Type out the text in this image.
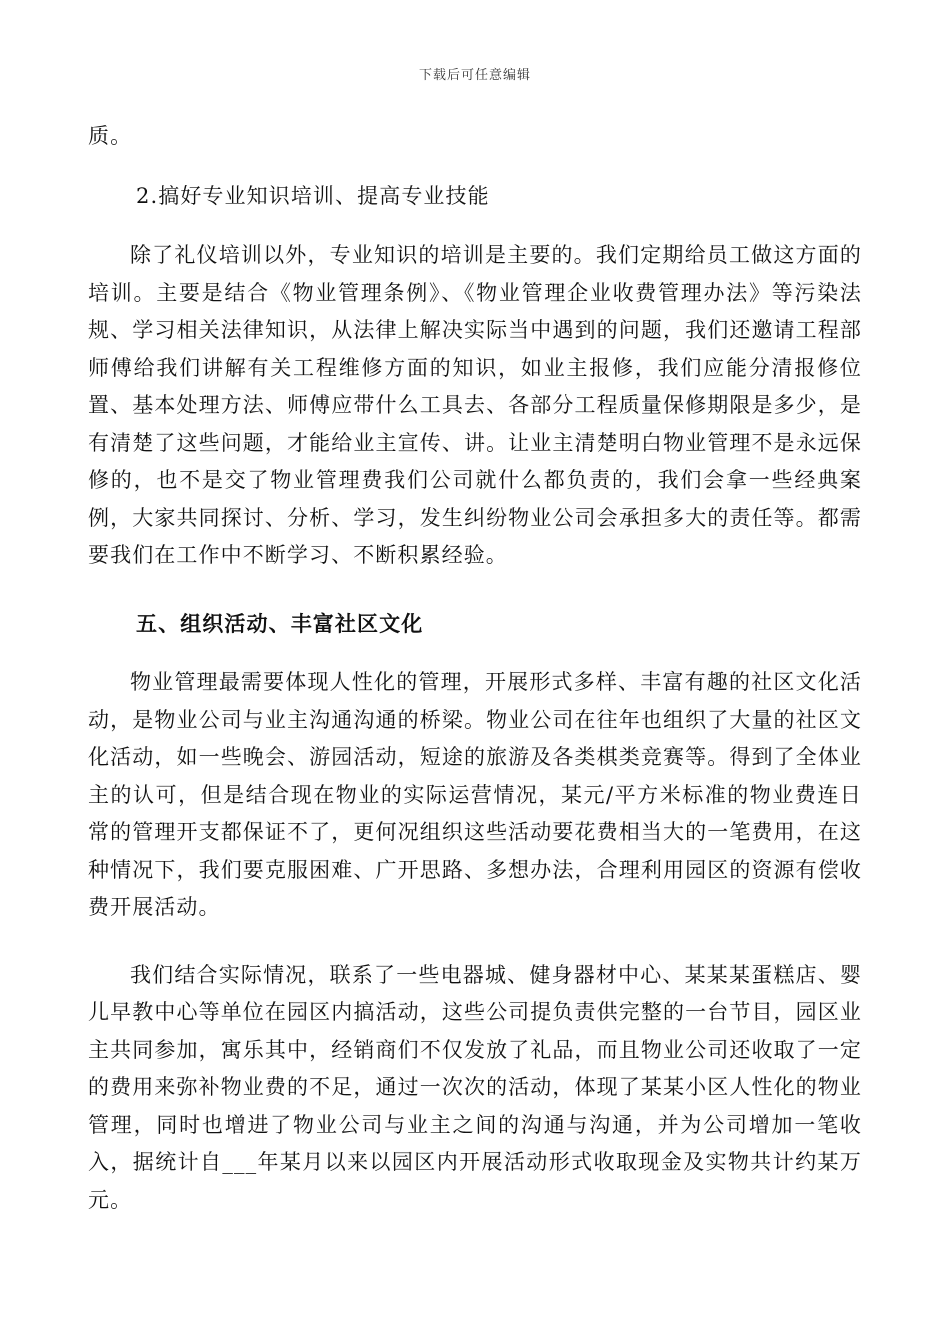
下载后可任意编辑

质。

2.搞好专业知识培训、提高专业技能

除了礼仪培训以外，专业知识的培训是主要的。我们定期给员工做这方面的培训。主要是结合《物业管理条例》、《物业管理企业收费管理办法》等污染法规、学习相关法律知识，从法律上解决实际当中遇到的问题，我们还邀请工程部师傅给我们讲解有关工程维修方面的知识，如业主报修，我们应能分清报修位置、基本处理方法、师傅应带什么工具去、各部分工程质量保修期限是多少，是有清楚了这些问题，才能给业主宣传、讲。让业主清楚明白物业管理不是永远保修的，也不是交了物业管理费我们公司就什么都负责的，我们会拿一些经典案例，大家共同探讨、分析、学习，发生纠纷物业公司会承担多大的责任等。都需要我们在工作中不断学习、不断积累经验。

五、组织活动、丰富社区文化

物业管理最需要体现人性化的管理，开展形式多样、丰富有趣的社区文化活动，是物业公司与业主沟通沟通的桥梁。物业公司在往年也组织了大量的社区文化活动，如一些晚会、游园活动，短途的旅游及各类棋类竞赛等。得到了全体业主的认可，但是结合现在物业的实际运营情况，某元/平方米标准的物业费连日常的管理开支都保证不了，更何况组织这些活动要花费相当大的一笔费用，在这种情况下，我们要克服困难、广开思路、多想办法，合理利用园区的资源有偿收费开展活动。

我们结合实际情况，联系了一些电器城、健身器材中心、某某某蛋糕店、婴儿早教中心等单位在园区内搞活动，这些公司提负责供完整的一台节目，园区业主共同参加，寓乐其中，经销商们不仅发放了礼品，而且物业公司还收取了一定的费用来弥补物业费的不足，通过一次次的活动，体现了某某小区人性化的物业管理，同时也增进了物业公司与业主之间的沟通与沟通，并为公司增加一笔收入，据统计自___年某月以来以园区内开展活动形式收取现金及实物共计约某万元。
